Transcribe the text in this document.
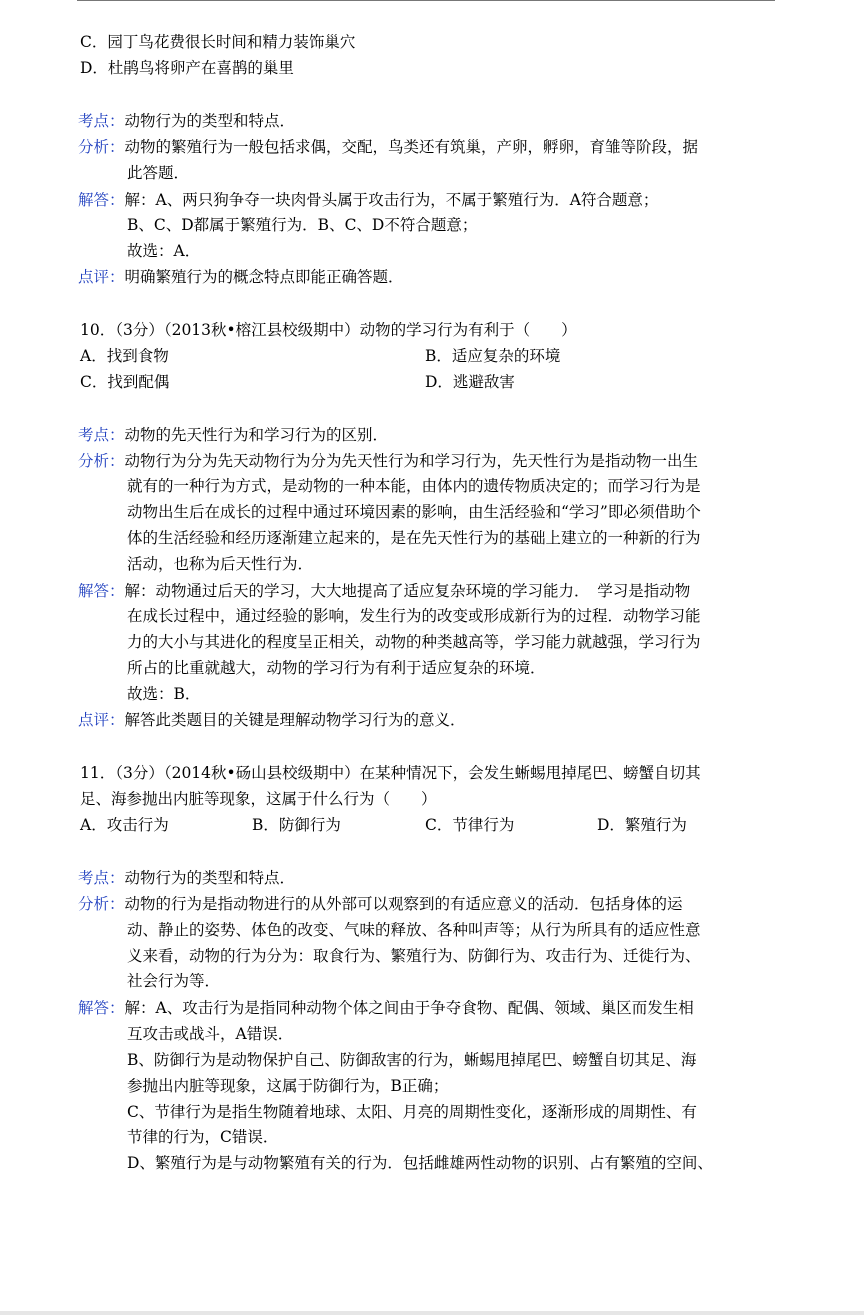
C．园丁鸟花费很长时间和精力装饰巢穴
D．杜鹃鸟将卵产在喜鹊的巢里
考点：动物行为的类型和特点．
分析：动物的繁殖行为一般包括求偶，交配，鸟类还有筑巢，产卵，孵卵，育雏等阶段，据
此答题．
解答：解：A、两只狗争夺一块肉骨头属于攻击行为，不属于繁殖行为．A符合题意；
B、C、D都属于繁殖行为．B、C、D不符合题意；
故选：A．
点评：明确繁殖行为的概念特点即能正确答题．
10．（3分）（2013秋•榕江县校级期中）动物的学习行为有利于（　　）
A．找到食物	B．适应复杂的环境
C．找到配偶	D．逃避敌害
考点：动物的先天性行为和学习行为的区别．
分析：动物行为分为先天动物行为分为先天性行为和学习行为，先天性行为是指动物一出生
就有的一种行为方式，是动物的一种本能，由体内的遗传物质决定的；而学习行为是
动物出生后在成长的过程中通过环境因素的影响，由生活经验和“学习”即必须借助个
体的生活经验和经历逐渐建立起来的，是在先天性行为的基础上建立的一种新的行为
活动，也称为后天性行为．
解答：解：动物通过后天的学习，大大地提高了适应复杂环境的学习能力．　学习是指动物
在成长过程中，通过经验的影响，发生行为的改变或形成新行为的过程．动物学习能
力的大小与其进化的程度呈正相关，动物的种类越高等，学习能力就越强，学习行为
所占的比重就越大，动物的学习行为有利于适应复杂的环境．
故选：B．
点评：解答此类题目的关键是理解动物学习行为的意义．
11．（3分）（2014秋•砀山县校级期中）在某种情况下，会发生蜥蜴甩掉尾巴、螃蟹自切其
足、海参抛出内脏等现象，这属于什么行为（　　）
A．攻击行为	B．防御行为	C．节律行为	D．繁殖行为
考点：动物行为的类型和特点．
分析：动物的行为是指动物进行的从外部可以观察到的有适应意义的活动．包括身体的运
动、静止的姿势、体色的改变、气味的释放、各种叫声等；从行为所具有的适应性意
义来看，动物的行为分为：取食行为、繁殖行为、防御行为、攻击行为、迁徙行为、
社会行为等．
解答：解：A、攻击行为是指同种动物个体之间由于争夺食物、配偶、领域、巢区而发生相
互攻击或战斗，A错误．
B、防御行为是动物保护自己、防御敌害的行为，蜥蜴甩掉尾巴、螃蟹自切其足、海
参抛出内脏等现象，这属于防御行为，B正确；
C、节律行为是指生物随着地球、太阳、月亮的周期性变化，逐渐形成的周期性、有
节律的行为，C错误．
D、繁殖行为是与动物繁殖有关的行为．包括雌雄两性动物的识别、占有繁殖的空间、
